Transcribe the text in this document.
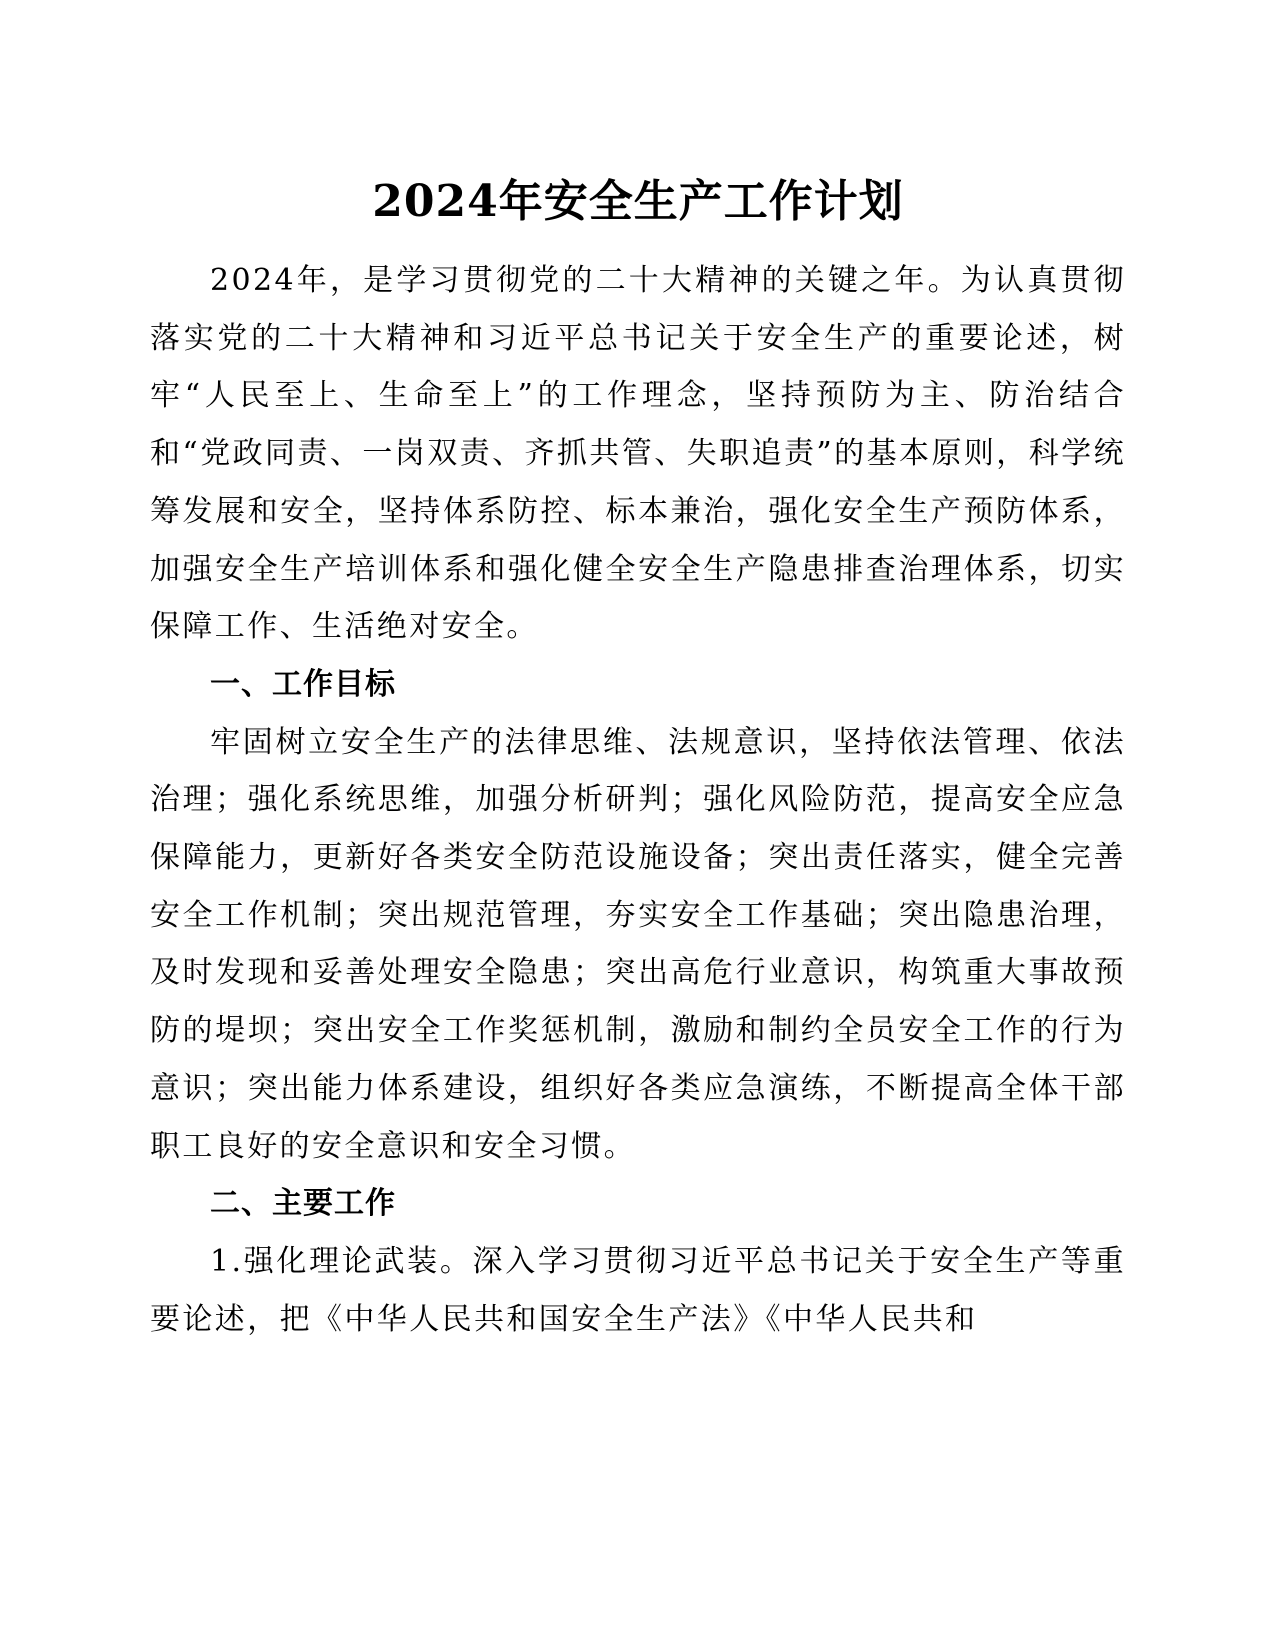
2024年安全生产工作计划

2024年，是学习贯彻党的二十大精神的关键之年。为认真贯彻落实党的二十大精神和习近平总书记关于安全生产的重要论述，树牢“人民至上、生命至上”的工作理念，坚持预防为主、防治结合和“党政同责、一岗双责、齐抓共管、失职追责”的基本原则，科学统筹发展和安全，坚持体系防控、标本兼治，强化安全生产预防体系，加强安全生产培训体系和强化健全安全生产隐患排查治理体系，切实保障工作、生活绝对安全。

一、工作目标

牢固树立安全生产的法律思维、法规意识，坚持依法管理、依法治理；强化系统思维，加强分析研判；强化风险防范，提高安全应急保障能力，更新好各类安全防范设施设备；突出责任落实，健全完善安全工作机制；突出规范管理，夯实安全工作基础；突出隐患治理，及时发现和妥善处理安全隐患；突出高危行业意识，构筑重大事故预防的堤坝；突出安全工作奖惩机制，激励和制约全员安全工作的行为意识；突出能力体系建设，组织好各类应急演练，不断提高全体干部职工良好的安全意识和安全习惯。

二、主要工作

1.强化理论武装。深入学习贯彻习近平总书记关于安全生产等重要论述，把《中华人民共和国安全生产法》《中华人民共和
